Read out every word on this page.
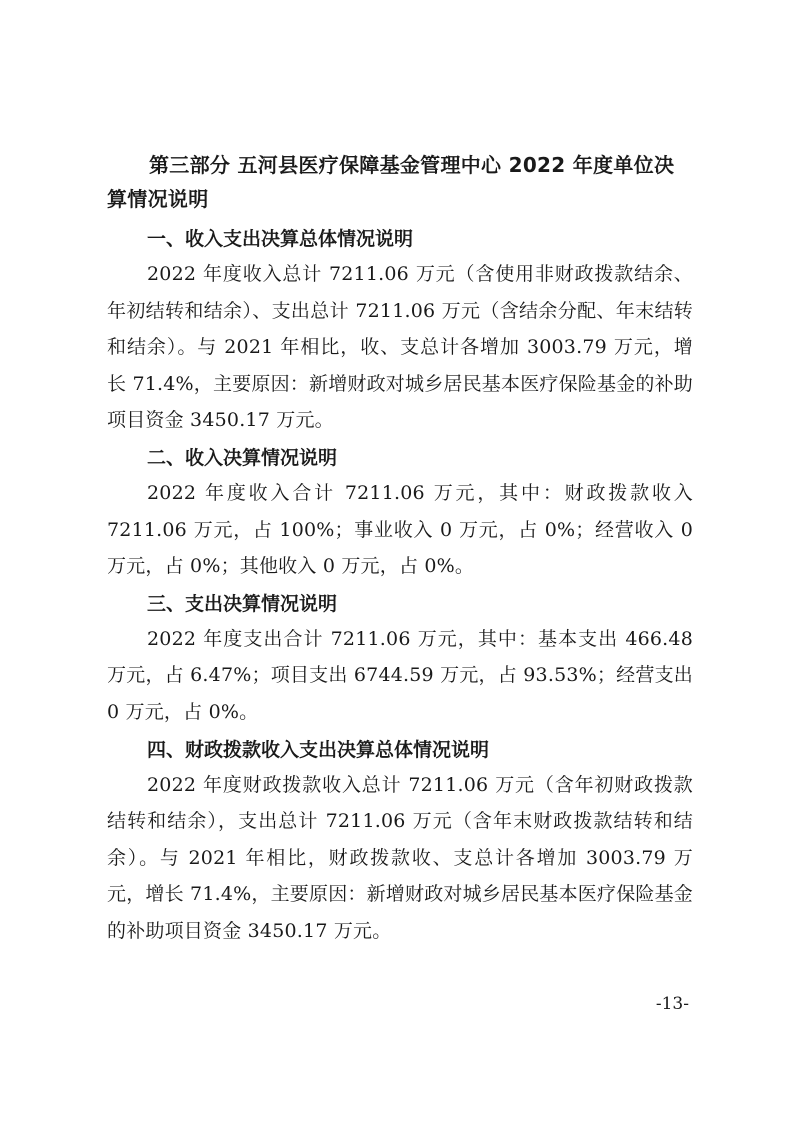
第三部分 五河县医疗保障基金管理中心 2022 年度单位决算情况说明
一、收入支出决算总体情况说明

2022 年度收入总计 7211.06 万元（含使用非财政拨款结余、年初结转和结余）、支出总计 7211.06 万元（含结余分配、年末结转和结余）。与 2021 年相比，收、支总计各增加 3003.79 万元，增长 71.4%，主要原因：新增财政对城乡居民基本医疗保险基金的补助项目资金 3450.17 万元。

二、收入决算情况说明

2022 年度收入合计 7211.06 万元，其中：财政拨款收入7211.06 万元，占 100%；事业收入 0 万元，占 0%；经营收入 0 万元，占 0%；其他收入 0 万元，占 0%。

三、支出决算情况说明

2022 年度支出合计 7211.06 万元，其中：基本支出 466.48 万元，占 6.47%；项目支出 6744.59 万元，占 93.53%；经营支出 0 万元，占 0%。

四、财政拨款收入支出决算总体情况说明

2022 年度财政拨款收入总计 7211.06 万元（含年初财政拨款结转和结余），支出总计 7211.06 万元（含年末财政拨款结转和结余）。与 2021 年相比，财政拨款收、支总计各增加 3003.79 万元，增长 71.4%，主要原因：新增财政对城乡居民基本医疗保险基金的补助项目资金 3450.17 万元。

-13-
